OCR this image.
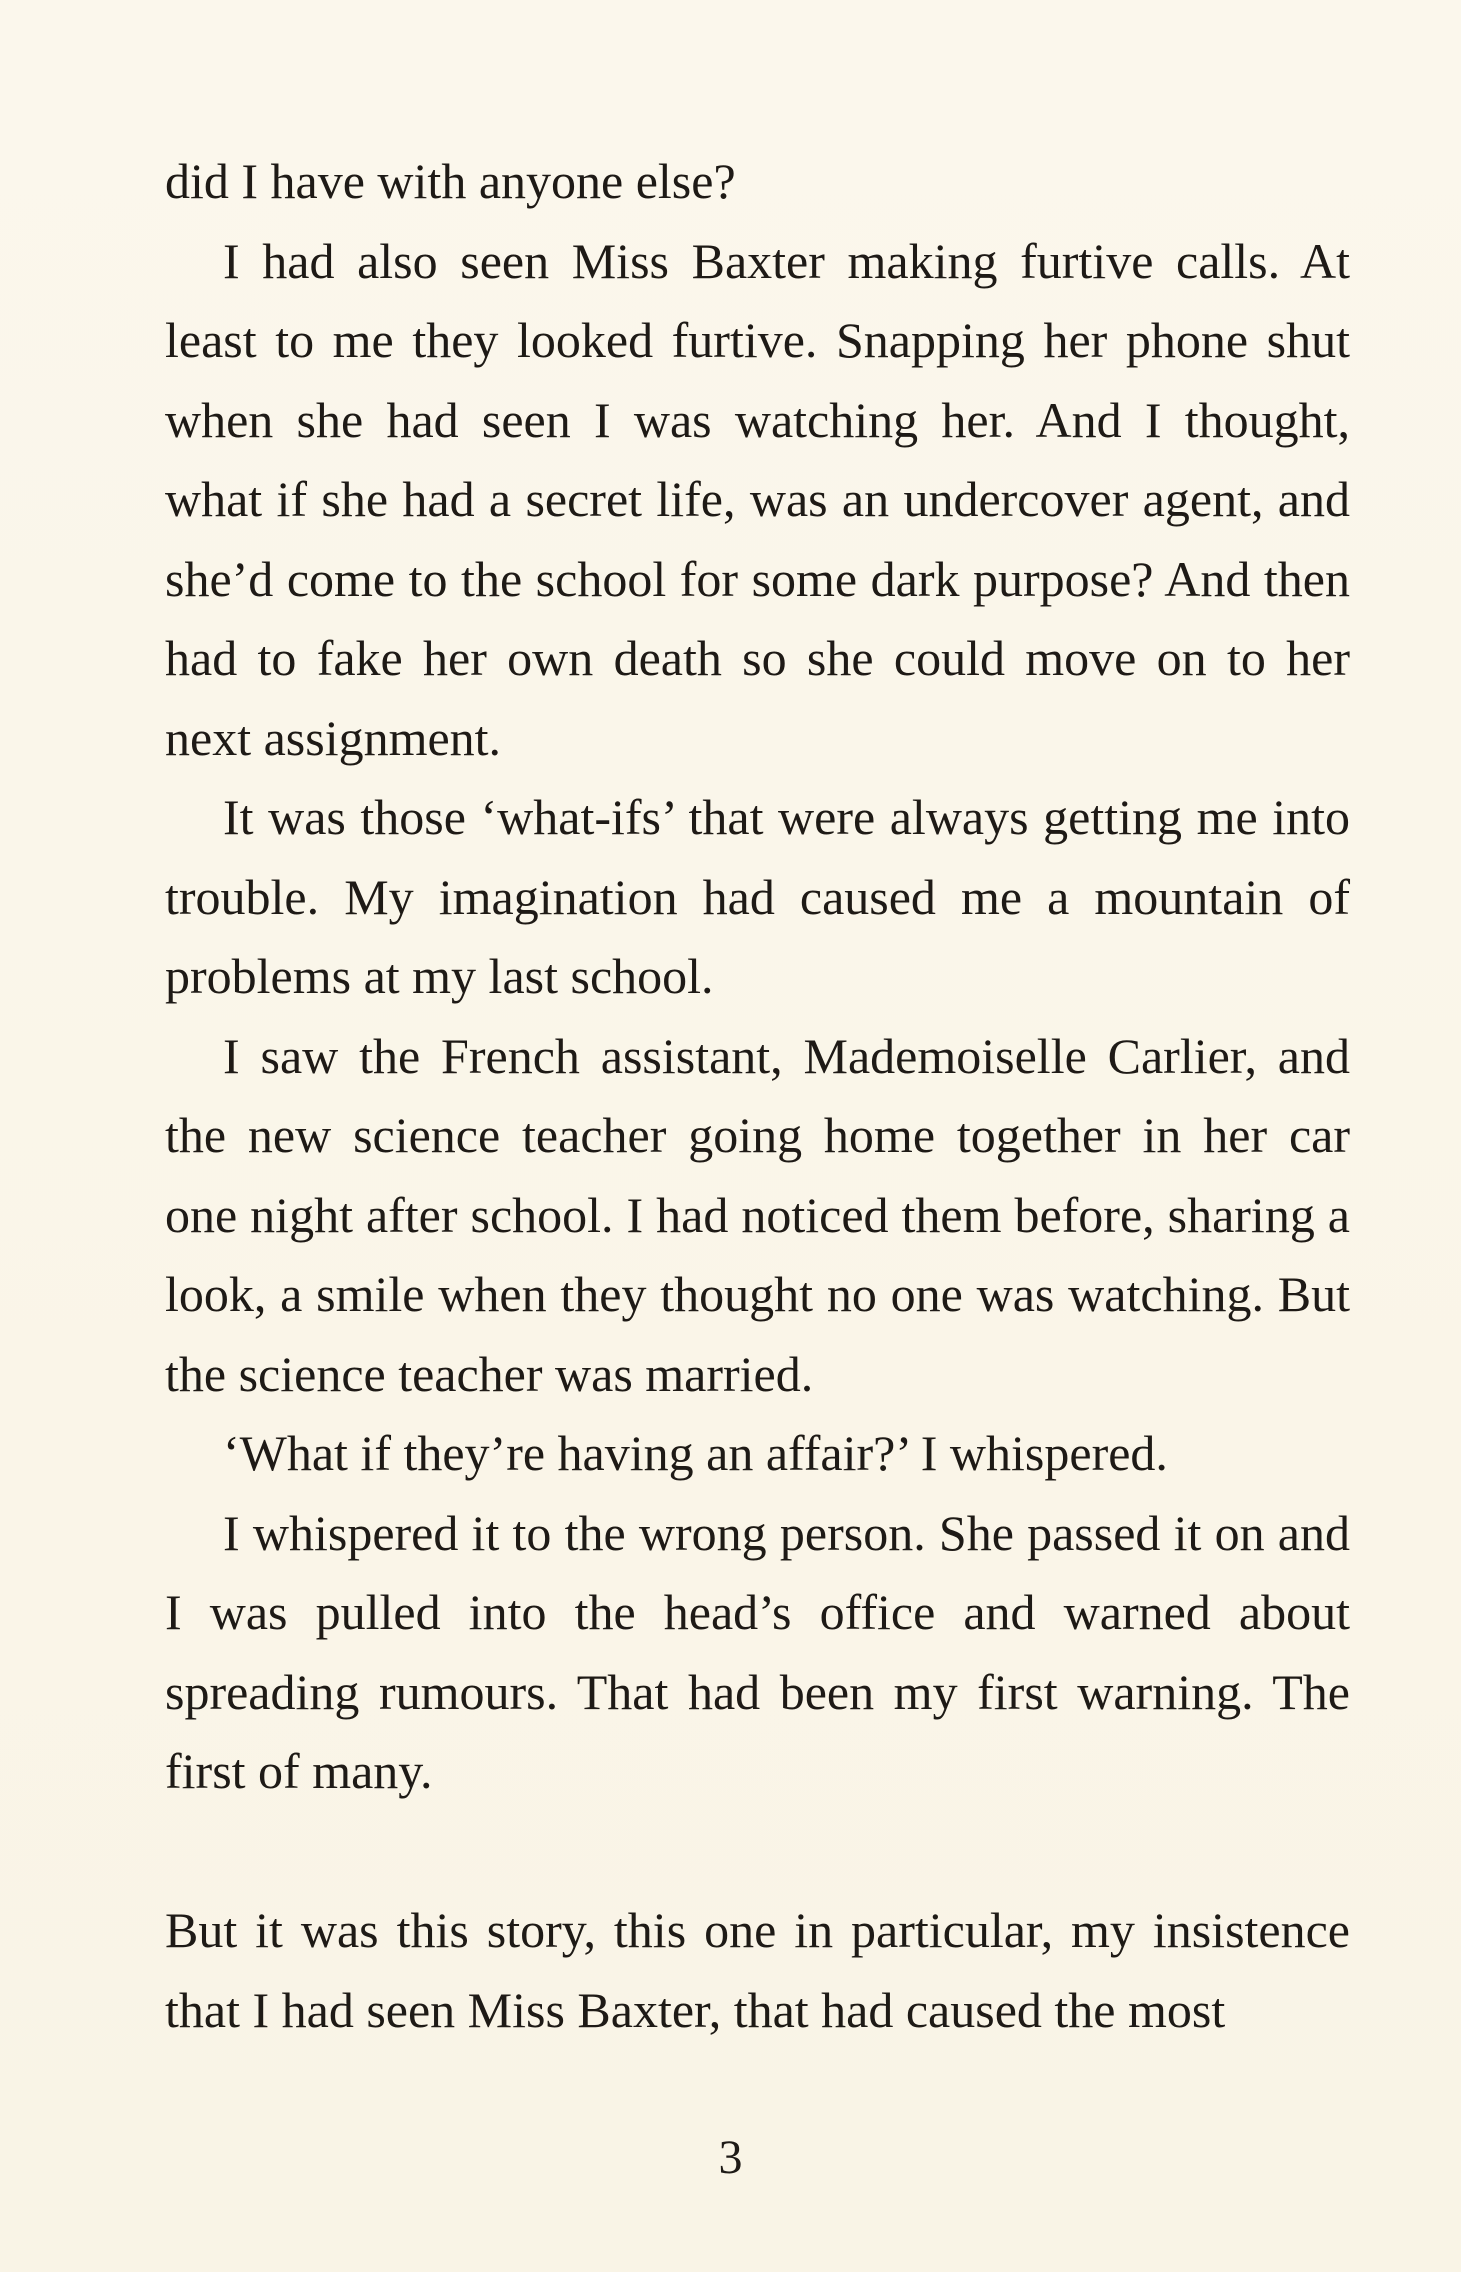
did I have with anyone else?

I had also seen Miss Baxter making furtive calls. At least to me they looked furtive. Snapping her phone shut when she had seen I was watching her. And I thought, what if she had a secret life, was an undercover agent, and she’d come to the school for some dark purpose? And then had to fake her own death so she could move on to her next assignment.

It was those ‘what-ifs’ that were always getting me into trouble. My imagination had caused me a mountain of problems at my last school.

I saw the French assistant, Mademoiselle Carlier, and the new science teacher going home together in her car one night after school. I had noticed them before, sharing a look, a smile when they thought no one was watching. But the science teacher was married.

‘What if they’re having an affair?’ I whispered.

I whispered it to the wrong person. She passed it on and I was pulled into the head’s office and warned about spreading rumours. That had been my first warning. The first of many.

But it was this story, this one in particular, my insistence that I had seen Miss Baxter, that had caused the most

3
